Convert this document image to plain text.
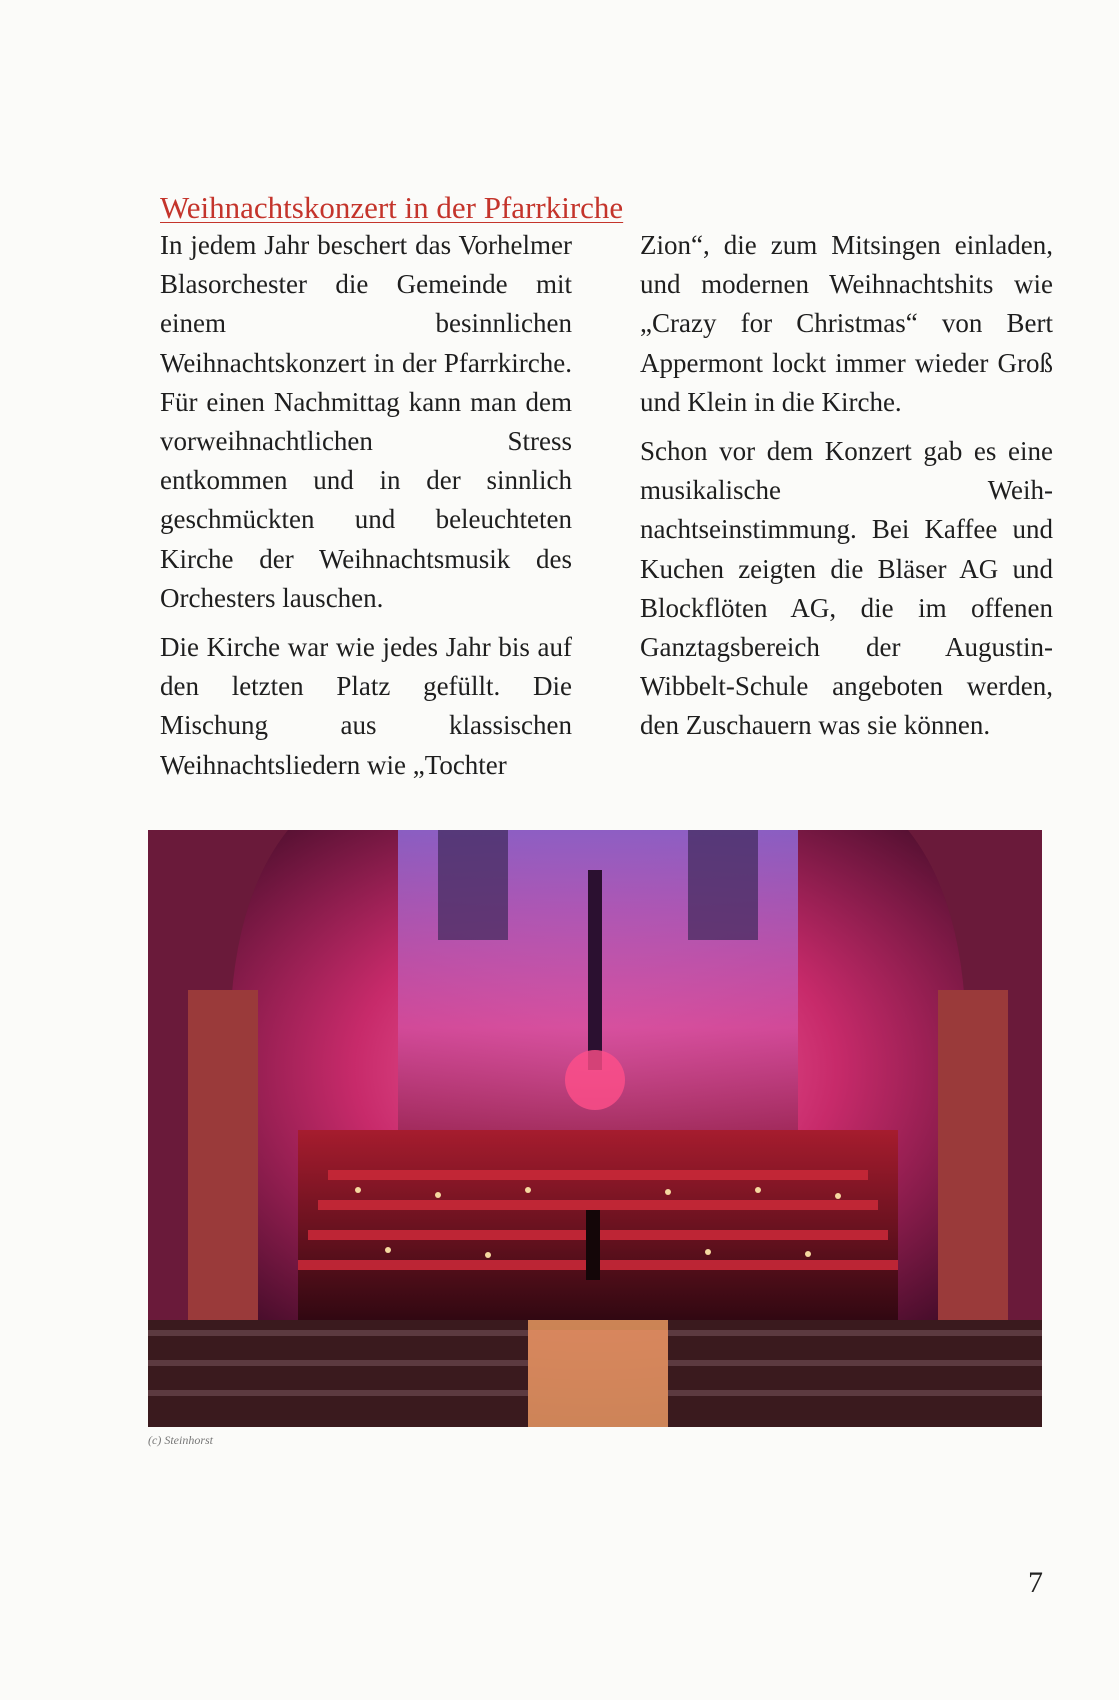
Weihnachtskonzert in der Pfarrkirche

In jedem Jahr beschert das Vorhelmer Blasorchester die Gemeinde mit einem besinnlichen Weihnachtskonzert in der Pfarrkirche. Für einen Nachmittag kann man dem vorweihnachtlichen Stress entkommen und in der sinnlich geschmückten und beleuchteten Kirche der Weihnachtsmusik des Orchesters lauschen.

Die Kirche war wie jedes Jahr bis auf den letzten Platz gefüllt. Die Mischung aus klassischen Weihnachtsliedern wie „Tochter

Zion“, die zum Mitsingen einladen, und modernen Weihnachtshits wie „Crazy for Christmas“ von Bert Appermont lockt immer wieder Groß und Klein in die Kirche.

Schon vor dem Konzert gab es eine musikalische Weihnachtseinstimmung. Bei Kaffee und Kuchen zeigten die Bläser AG und Blockflöten AG, die im offenen Ganztagsbereich der Augustin-Wibbelt-Schule angeboten werden, den Zuschauern was sie können.

(c) Steinhorst
7
